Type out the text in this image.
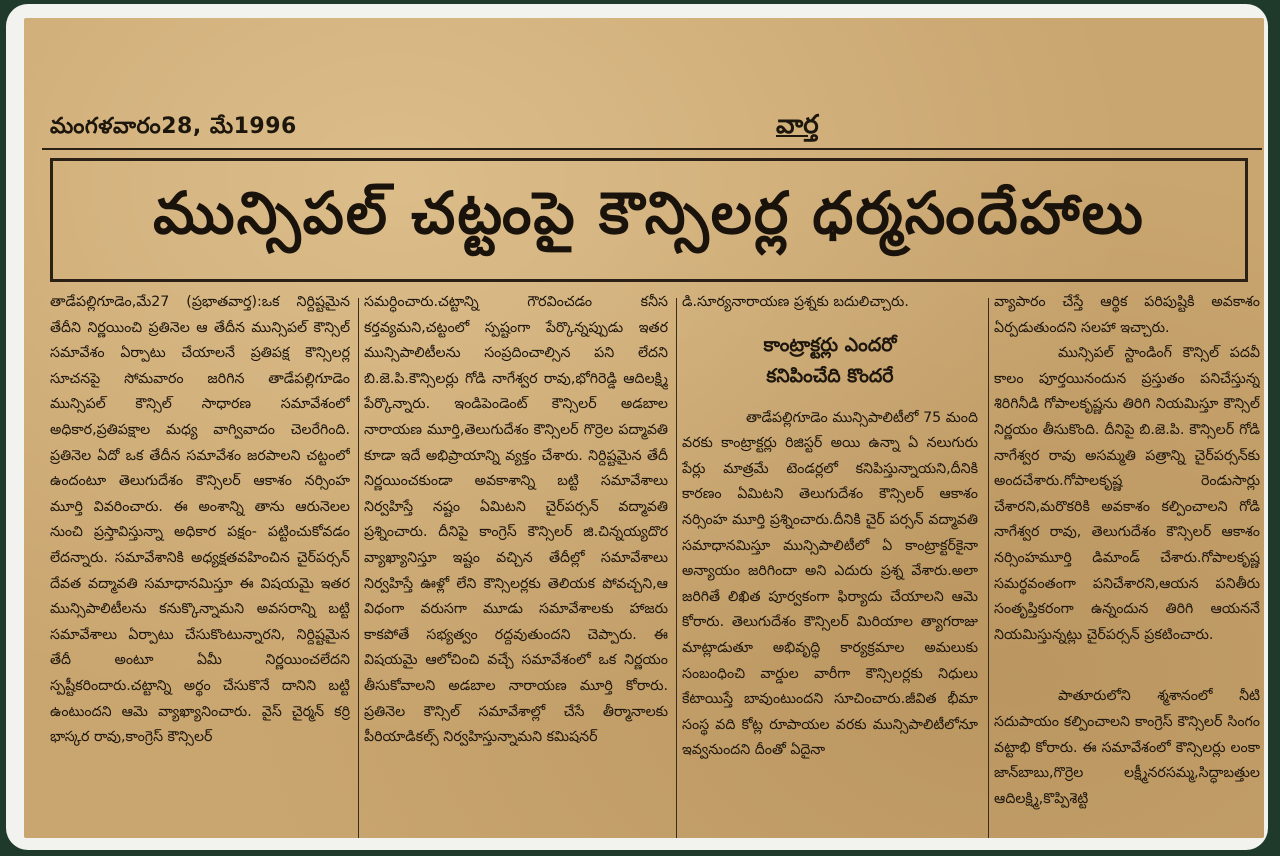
మంగళవారం28, మే1996	వార్త
మున్సిపల్ చట్టంపై కౌన్సిలర్ల ధర్మసందేహాలు

తాడేపల్లిగూడెం,మే27 (ప్రభాతవార్త):ఒక నిర్దిష్టమైన తేదీని నిర్ణయించి ప్రతినెల ఆ తేదీన మున్సిపల్ కౌన్సిల్ సమావేశం ఏర్పాటు చేయాలనే ప్రతిపక్ష కౌన్సిలర్ల సూచనపై సోమవారం జరిగిన తాడేపల్లిగూడెం మున్సిపల్ కౌన్సిల్ సాధారణ సమావేశంలో అధికార,ప్రతిపక్షాల మధ్య వాగ్వివాదం చెలరేగింది. ప్రతినెల ఏదో ఒక తేదీన సమావేశం జరపాలని చట్టంలో ఉందంటూ తెలుగుదేశం కౌన్సిలర్ ఆకాశం నర్సింహ మూర్తి వివరించారు. ఈ అంశాన్ని తాను ఆరునెలల నుంచి ప్రస్తావిస్తున్నా అధికార పక్షం- పట్టించుకోవడం లేదన్నారు. సమావేశానికి అధ్యక్షతవహించిన చైర్‌పర్సన్ దేవత వద్మావతి సమాధానమిస్తూ ఈ విషయమై ఇతర మున్సిపాలిటీలను కనుక్కొన్నామని అవసరాన్ని బట్టి సమావేశాలు ఏర్పాటు చేసుకొంటున్నారని, నిర్దిష్టమైన తేదీ అంటూ ఏమీ నిర్ణయించలేదని స్పష్టీకరిందారు.చట్టాన్ని అర్థం చేసుకొనే దానిని బట్టి ఉంటుందని ఆమె వ్యాఖ్యానించారు. వైస్ చైర్మన్ కర్రి భాస్కర రావు,కాంగ్రెస్ కౌన్సిలర్

సమర్ధించారు.చట్టాన్ని గౌరవించడం కనీస కర్తవ్యమని,చట్టంలో స్పష్టంగా పేర్కొన్నప్పుడు ఇతర మున్సిపాలిటీలను సంప్రదించాల్సిన పని లేదని బి.జె.పి.కౌన్సిలర్లు గోడి నాగేశ్వర రావు,భోగిరెడ్డి ఆదిలక్ష్మి పేర్కొన్నారు. ఇండిపెండెంట్ కౌన్సిలర్ అడబాల నారాయణ మూర్తి,తెలుగుదేశం కౌన్సిలర్ గొర్రెల పద్మావతి కూడా ఇదే అభిప్రాయాన్ని వ్యక్తం చేశారు. నిర్దిష్టమైన తేదీ నిర్ణయించకుండా అవకాశాన్ని బట్టి సమావేశాలు నిర్వహిస్తే నష్టం ఏమిటని చైర్‌పర్సన్ వద్మావతి ప్రశ్నించారు. దీనిపై కాంగ్రెస్ కౌన్సిలర్ జి.చిన్నయ్యదొర వ్యాఖ్యానిస్తూ ఇష్టం వచ్చిన తేదీల్లో సమావేశాలు నిర్వహిస్తే ఊళ్లో లేని కౌన్సిలర్లకు తెలియక పోవచ్చని,ఆ విధంగా వరుసగా మూడు సమావేశాలకు హాజరు కాకపోతే సభ్యత్వం రద్దవుతుందని చెప్పారు. ఈ విషయమై ఆలోచించి వచ్చే సమావేశంలో ఒక నిర్ణయం తీసుకోవాలని అడబాల నారాయణ మూర్తి కోరారు. ప్రతినెల కౌన్సిల్ సమావేశాల్లో చేసే తీర్మానాలకు పీరియాడికల్స్ నిర్వహిస్తున్నామని కమిషనర్

డి.సూర్యనారాయణ ప్రశ్నకు బదులిచ్చారు.

కాంట్రాక్టర్లు ఎందరో
కనిపించేది కొందరే

తాడేపల్లిగూడెం మున్సిపాలిటీలో 75 మంది వరకు కాంట్రాక్టర్లు రిజిస్టర్ అయి ఉన్నా ఏ నలుగురు పేర్లు మాత్రమే టెండర్లలో కనిపిస్తున్నాయని,దీనికి కారణం ఏమిటని తెలుగుదేశం కౌన్సిలర్ ఆకాశం నర్సింహ మూర్తి ప్రశ్నించారు.దీనికి చైర్ పర్సన్ వద్మావతి సమాధానమిస్తూ మున్సిపాలిటీలో ఏ కాంట్రాక్టర్‌కైనా అన్యాయం జరిగిందా అని ఎదురు ప్రశ్న వేశారు.అలా జరిగితే లిఖిత పూర్వకంగా ఫిర్యాదు చేయాలని ఆమె కోరారు. తెలుగుదేశం కౌన్సిలర్ మిరియాల త్యాగరాజు మాట్లాడుతూ అభివృద్ధి కార్యక్రమాల అమలుకు సంబంధించి వార్డుల వారీగా కౌన్సిలర్లకు నిధులు కేటాయిస్తే బావుంటుందని సూచించారు.జీవిత భీమా సంస్థ వది కోట్ల రూపాయల వరకు మున్సిపాలిటీలోనూ ఇవ్వనుందని దీంతో ఏదైనా

వ్యాపారం చేస్తే ఆర్థిక పరిపుష్టికి అవకాశం ఏర్పడుతుందని సలహా ఇచ్చారు.

మున్సిపల్ స్టాండింగ్ కౌన్సిల్ పదవీ కాలం పూర్తయినందున ప్రస్తుతం పనిచేస్తున్న శిరిగినీడి గోపాలకృష్ణను తిరిగి నియమిస్తూ కౌన్సిల్ నిర్ణయం తీసుకొంది. దీనిపై బి.జె.పి. కౌన్సిలర్ గోడి నాగేశ్వర రావు అసమ్మతి పత్రాన్ని చైర్‌పర్సన్‌కు అందచేశారు.గోపాలకృష్ణ రెండుసార్లు చేశారని,మరొకరికి అవకాశం కల్పించాలని గోడి నాగేశ్వర రావు, తెలుగుదేశం కౌన్సిలర్ ఆకాశం నర్సింహమూర్తి డిమాండ్ చేశారు.గోపాలకృష్ణ సమర్థవంతంగా పనిచేశారని,ఆయన పనితీరు సంతృప్తికరంగా ఉన్నందున తిరిగి ఆయననే నియమిస్తున్నట్లు చైర్‌పర్సన్ ప్రకటించారు.

పాతూరులోని శ్మశానంలో నీటి సదుపాయం కల్పించాలని కాంగ్రెస్ కౌన్సిలర్ సింగం వట్టాభి కోరారు. ఈ సమావేశంలో కౌన్సిలర్లు లంకా జాన్‌బాబు,గొర్రెల లక్ష్మీనరసమ్మ,సిద్ధాబత్తుల ఆదిలక్ష్మి,కొప్పిశెట్టి
